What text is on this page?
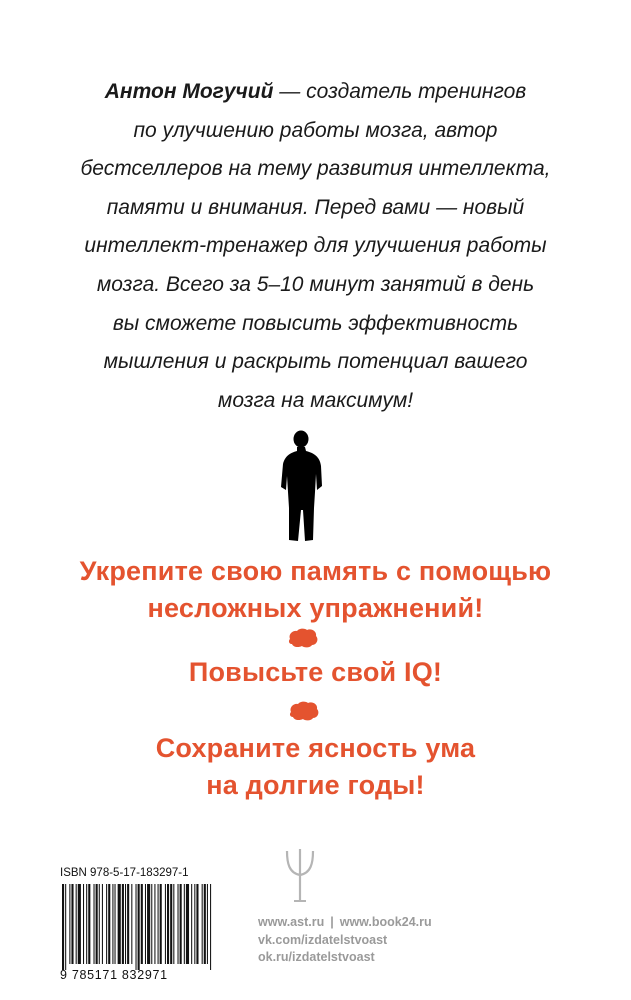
Антон Могучий — создатель тренингов
по улучшению работы мозга, автор
бестселлеров на тему развития интеллекта,
памяти и внимания. Перед вами — новый
интеллект-тренажер для улучшения работы
мозга. Всего за 5–10 минут занятий в день
вы сможете повысить эффективность
мышления и раскрыть потенциал вашего
мозга на максимум!
Укрепите свою память с помощью
несложных упражнений!
Повысьте свой IQ!
Сохраните ясность ума
на долгие годы!
ISBN 978-5-17-183297-1
9 785171 832971
www.ast.ru | www.book24.ru
vk.com/izdatelstvoast
ok.ru/izdatelstvoast
